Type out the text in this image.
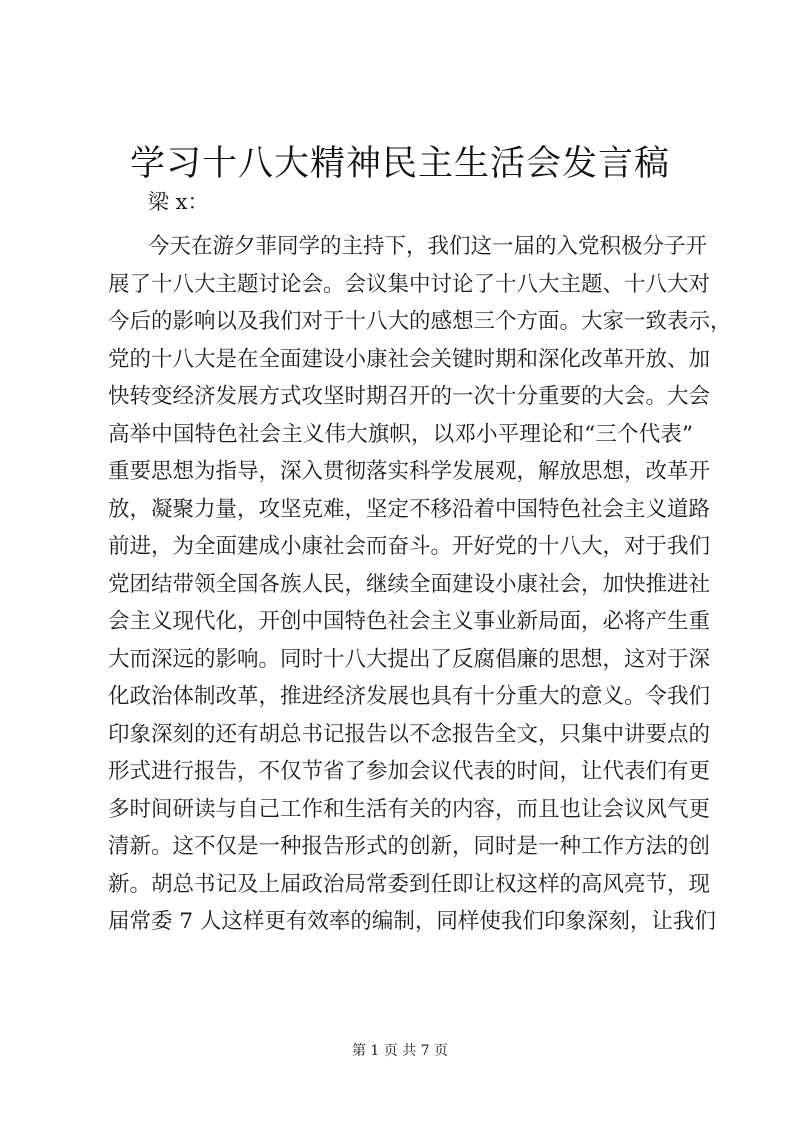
学习十八大精神民主生活会发言稿
梁 x：
今天在游夕菲同学的主持下，我们这一届的入党积极分子开
展了十八大主题讨论会。会议集中讨论了十八大主题、十八大对
今后的影响以及我们对于十八大的感想三个方面。大家一致表示，
党的十八大是在全面建设小康社会关键时期和深化改革开放、加
快转变经济发展方式攻坚时期召开的一次十分重要的大会。大会
高举中国特色社会主义伟大旗帜，以邓小平理论和“三个代表”
重要思想为指导，深入贯彻落实科学发展观，解放思想，改革开
放，凝聚力量，攻坚克难，坚定不移沿着中国特色社会主义道路
前进，为全面建成小康社会而奋斗。开好党的十八大，对于我们
党团结带领全国各族人民，继续全面建设小康社会，加快推进社
会主义现代化，开创中国特色社会主义事业新局面，必将产生重
大而深远的影响。同时十八大提出了反腐倡廉的思想，这对于深
化政治体制改革，推进经济发展也具有十分重大的意义。令我们
印象深刻的还有胡总书记报告以不念报告全文，只集中讲要点的
形式进行报告，不仅节省了参加会议代表的时间，让代表们有更
多时间研读与自己工作和生活有关的内容，而且也让会议风气更
清新。这不仅是一种报告形式的创新，同时是一种工作方法的创
新。胡总书记及上届政治局常委到任即让权这样的高风亮节，现
届常委 7 人这样更有效率的编制，同样使我们印象深刻，让我们
第 1 页 共 7 页
